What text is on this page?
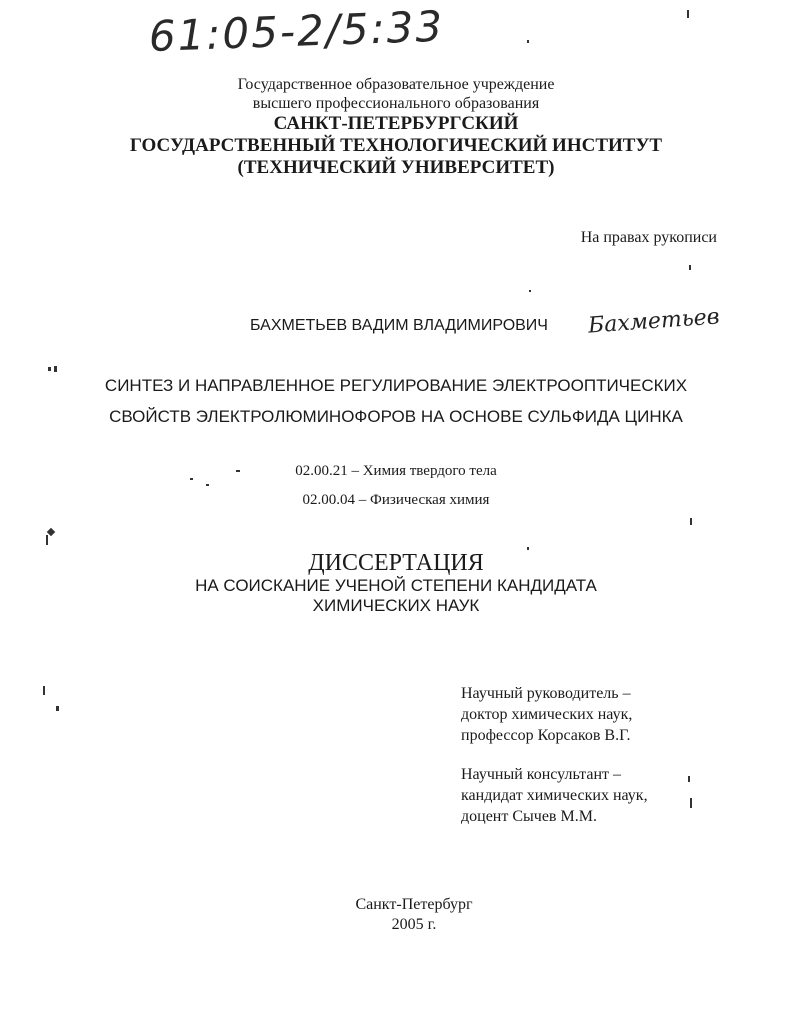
61:05-2/5:33
Государственное образовательное учреждение
высшего профессионального образования
САНКТ-ПЕТЕРБУРГСКИЙ
ГОСУДАРСТВЕННЫЙ ТЕХНОЛОГИЧЕСКИЙ ИНСТИТУТ
(ТЕХНИЧЕСКИЙ УНИВЕРСИТЕТ)
На правах рукописи
БАХМЕТЬЕВ ВАДИМ ВЛАДИМИРОВИЧ Бахметьев
СИНТЕЗ И НАПРАВЛЕННОЕ РЕГУЛИРОВАНИЕ ЭЛЕКТРООПТИЧЕСКИХ
СВОЙСТВ ЭЛЕКТРОЛЮМИНОФОРОВ НА ОСНОВЕ СУЛЬФИДА ЦИНКА
02.00.21 – Химия твердого тела
02.00.04 – Физическая химия
ДИССЕРТАЦИЯ
НА СОИСКАНИЕ УЧЕНОЙ СТЕПЕНИ КАНДИДАТА
ХИМИЧЕСКИХ НАУК
Научный руководитель –
доктор химических наук,
профессор Корсаков В.Г.
Научный консультант –
кандидат химических наук,
доцент Сычев М.М.
Санкт-Петербург
2005 г.
